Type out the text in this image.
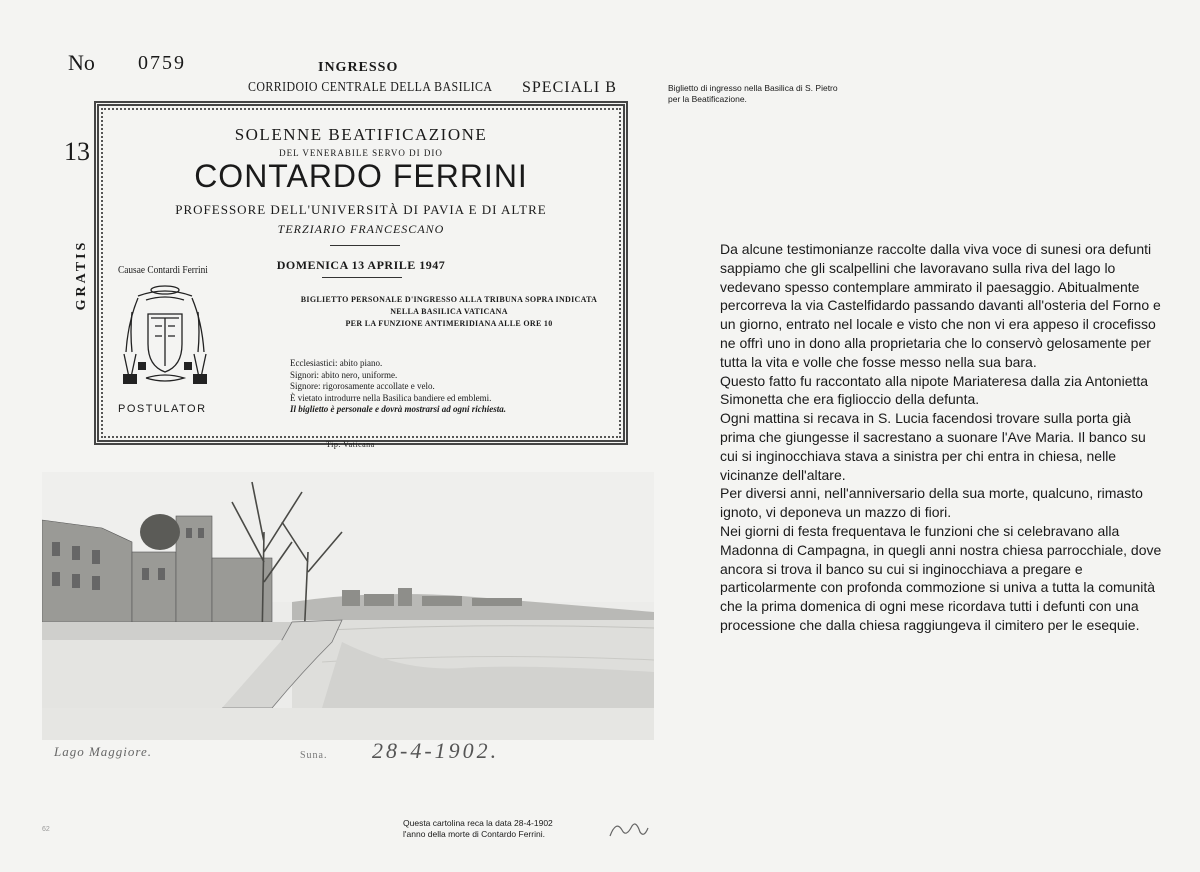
No 0759	INGRESSO
CORRIDOIO CENTRALE DELLA BASILICA SPECIALI B
13
GRATIS
SOLENNE BEATIFICAZIONE
DEL VENERABILE SERVO DI DIO
CONTARDO FERRINI
PROFESSORE DELL'UNIVERSITÀ DI PAVIA E DI ALTRE
TERZIARIO FRANCESCANO
DOMENICA 13 APRILE 1947
Causae Contardi Ferrini
POSTULATOR
BIGLIETTO PERSONALE D'INGRESSO ALLA TRIBUNA SOPRA INDICATA
NELLA BASILICA VATICANA
PER LA FUNZIONE ANTIMERIDIANA ALLE ORE 10
Ecclesiastici: abito piano.
Signori: abito nero, uniforme.
Signore: rigorosamente accollate e velo.
È vietato introdurre nella Basilica bandiere ed emblemi.
Il biglietto è personale e dovrà mostrarsi ad ogni richiesta.
Tip. Vaticana
Biglietto di ingresso nella Basilica di S. Pietro
per la Beatificazione.

Da alcune testimonianze raccolte dalla viva voce di sunesi ora defunti sappiamo che gli scalpellini che lavoravano sulla riva del lago lo vedevano spesso contemplare ammirato il paesaggio. Abitualmente percorreva la via Castelfidardo passando davanti all'osteria del Forno e un giorno, entrato nel locale e visto che non vi era appeso il crocefisso ne offrì uno in dono alla proprietaria che lo conservò gelosamente per tutta la vita e volle che fosse messo nella sua bara.

Questo fatto fu raccontato alla nipote Mariateresa dalla zia Antonietta Simonetta che era figlioccio della defunta.

Ogni mattina si recava in S. Lucia facendosi trovare sulla porta già prima che giungesse il sacrestano a suonare l'Ave Maria. Il banco su cui si inginocchiava stava a sinistra per chi entra in chiesa, nelle vicinanze dell'altare.

Per diversi anni, nell'anniversario della sua morte, qualcuno, rimasto ignoto, vi deponeva un mazzo di fiori.

Nei giorni di festa frequentava le funzioni che si celebravano alla Madonna di Campagna, in quegli anni nostra chiesa parrocchiale, dove ancora si trova il banco su cui si inginocchiava a pregare e particolarmente con profonda commozione si univa a tutta la comunità che la prima domenica di ogni mese ricordava tutti i defunti con una processione che dalla chiesa raggiungeva il cimitero per le esequie.

Lago Maggiore.	Suna. 28-4-1902.
Questa cartolina reca la data 28-4-1902
l'anno della morte di Contardo Ferrini.
62
